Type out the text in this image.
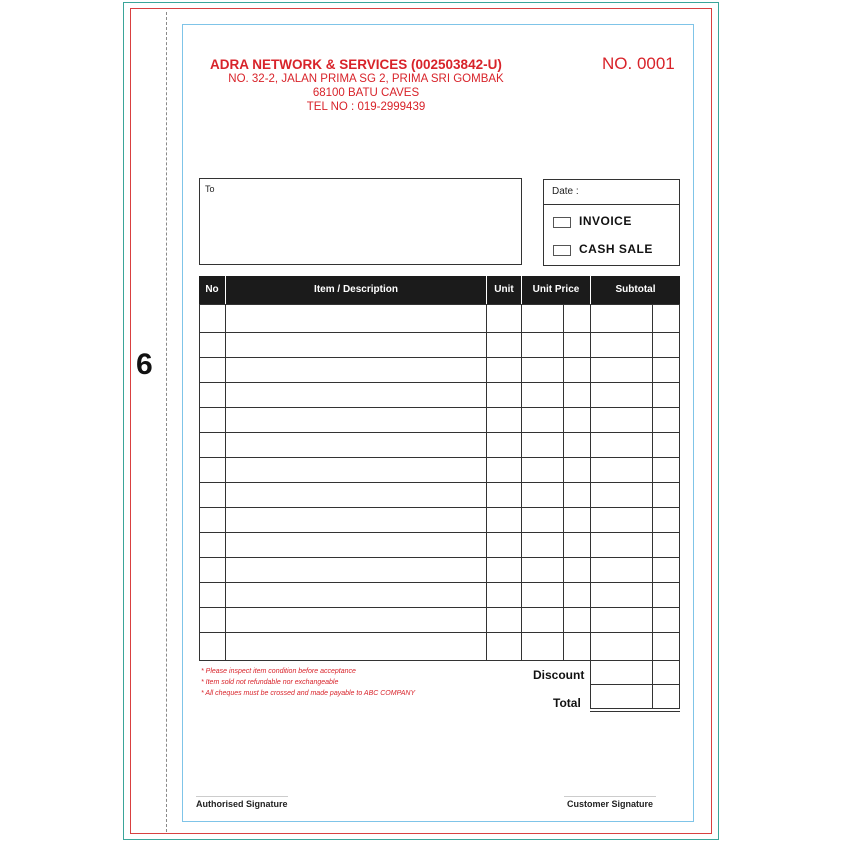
6
ADRA NETWORK & SERVICES (002503842-U)
NO. 32-2, JALAN PRIMA SG 2, PRIMA SRI GOMBAK
68100 BATU CAVES
TEL NO : 019-2999439
NO. 0001
To	Date :
INVOICE
CASH SALE
No	Item / Description	Unit	Unit Price	Subtotal
* Please inspect item condition before acceptance
* Item sold not refundable nor exchangeable
* All cheques must be crossed and made payable to ABC COMPANY
Discount
Total
Authorised Signature	Customer Signature
